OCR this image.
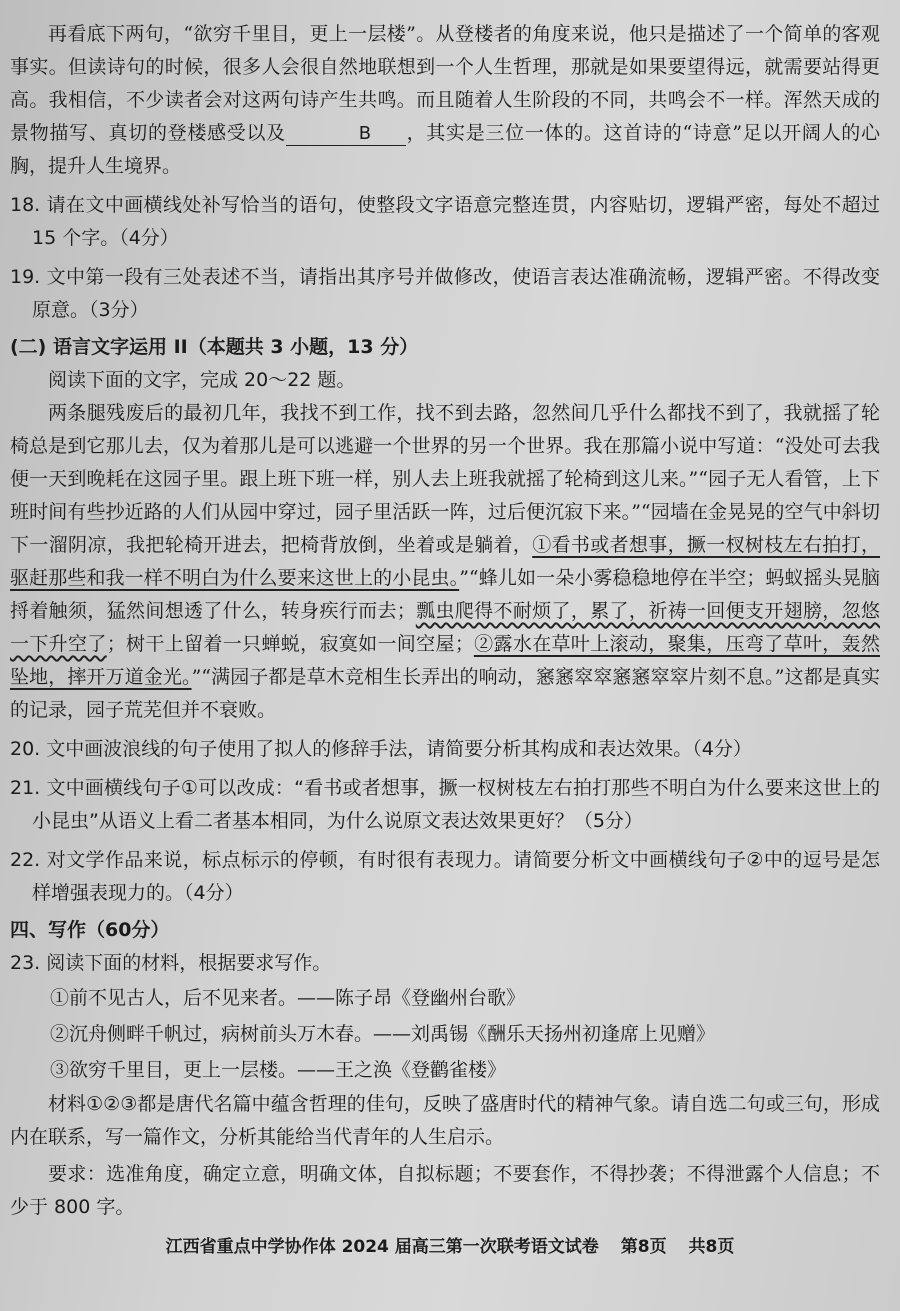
再看底下两句，“欲穷千里目，更上一层楼”。从登楼者的角度来说，他只是描述了一个简单的客观事实。但读诗句的时候，很多人会很自然地联想到一个人生哲理，那就是如果要望得远，就需要站得更高。我相信，不少读者会对这两句诗产生共鸣。而且随着人生阶段的不同，共鸣会不一样。浑然天成的景物描写、真切的登楼感受以及	B ，其实是三位一体的。这首诗的“诗意”足以开阔人的心胸，提升人生境界。

18. 请在文中画横线处补写恰当的语句，使整段文字语意完整连贯，内容贴切，逻辑严密，每处不超过 15 个字。（4分）

19. 文中第一段有三处表述不当，请指出其序号并做修改，使语言表达准确流畅，逻辑严密。不得改变原意。（3分）

(二) 语言文字运用 II（本题共 3 小题，13 分）

阅读下面的文字，完成 20～22 题。

两条腿残废后的最初几年，我找不到工作，找不到去路，忽然间几乎什么都找不到了，我就摇了轮椅总是到它那儿去，仅为着那儿是可以逃避一个世界的另一个世界。我在那篇小说中写道：“没处可去我便一天到晚耗在这园子里。跟上班下班一样，别人去上班我就摇了轮椅到这儿来。”“园子无人看管，上下班时间有些抄近路的人们从园中穿过，园子里活跃一阵，过后便沉寂下来。”“园墙在金晃晃的空气中斜切下一溜阴凉，我把轮椅开进去，把椅背放倒，坐着或是躺着，①看书或者想事，撅一杈树枝左右拍打，驱赶那些和我一样不明白为什么要来这世上的小昆虫。”“蜂儿如一朵小雾稳稳地停在半空；蚂蚁摇头晃脑捋着触须，猛然间想透了什么，转身疾行而去；瓢虫爬得不耐烦了，累了，祈祷一回便支开翅膀，忽悠一下升空了；树干上留着一只蝉蜕，寂寞如一间空屋；②露水在草叶上滚动，聚集，压弯了草叶，轰然坠地，摔开万道金光。”“满园子都是草木竞相生长弄出的响动，窸窸窣窣窸窸窣窣片刻不息。”这都是真实的记录，园子荒芜但并不衰败。

20. 文中画波浪线的句子使用了拟人的修辞手法，请简要分析其构成和表达效果。（4分）

21. 文中画横线句子①可以改成：“看书或者想事，撅一杈树枝左右拍打那些不明白为什么要来这世上的小昆虫”从语义上看二者基本相同，为什么说原文表达效果更好？（5分）

22. 对文学作品来说，标点标示的停顿，有时很有表现力。请简要分析文中画横线句子②中的逗号是怎样增强表现力的。（4分）

四、写作（60分）

23. 阅读下面的材料，根据要求写作。

①前不见古人，后不见来者。——陈子昂《登幽州台歌》

②沉舟侧畔千帆过，病树前头万木春。——刘禹锡《酬乐天扬州初逢席上见赠》

③欲穷千里目，更上一层楼。——王之涣《登鹳雀楼》

材料①②③都是唐代名篇中蕴含哲理的佳句，反映了盛唐时代的精神气象。请自选二句或三句，形成内在联系，写一篇作文，分析其能给当代青年的人生启示。

要求：选准角度，确定立意，明确文体，自拟标题；不要套作，不得抄袭；不得泄露个人信息；不少于 800 字。

江西省重点中学协作体 2024 届高三第一次联考语文试卷 第8页 共8页
